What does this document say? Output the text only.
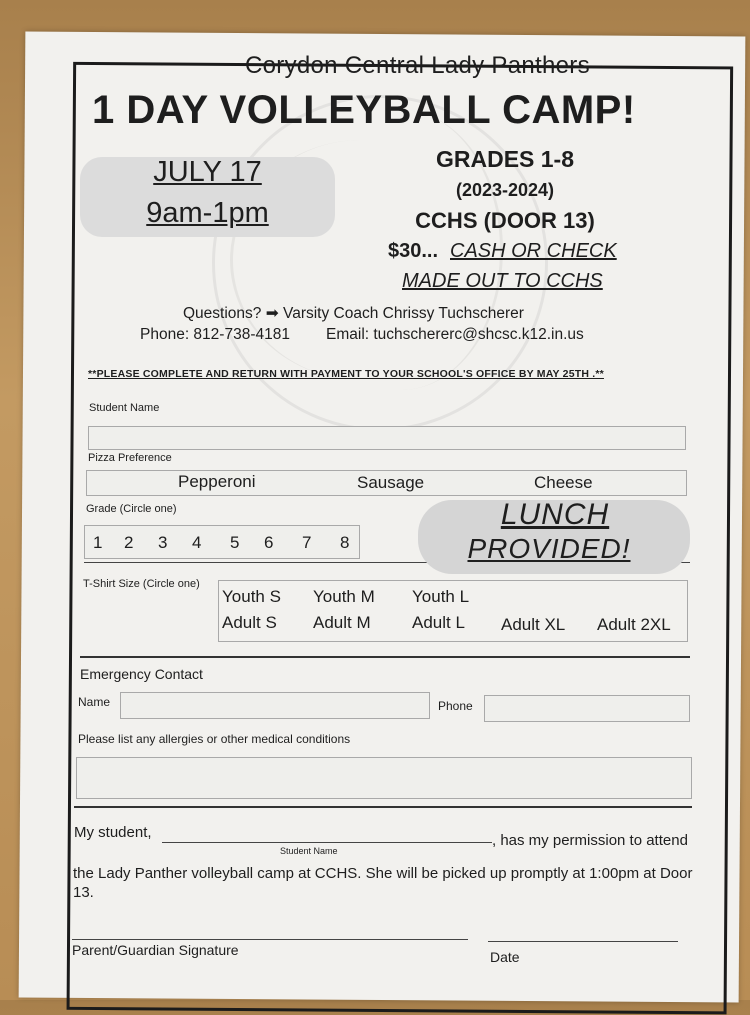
Corydon Central Lady Panthers
1 DAY VOLLEYBALL CAMP!
JULY 17
9am-1pm
GRADES 1-8
(2023-2024)
CCHS (DOOR 13)
$30... CASH OR CHECK
MADE OUT TO CCHS
Questions? ➡ Varsity Coach Chrissy Tuchscherer
Phone: 812-738-4181 Email: tuchschererc@shcsc.k12.in.us
**PLEASE COMPLETE AND RETURN WITH PAYMENT TO YOUR SCHOOL'S OFFICE BY MAY 25TH .**
Student Name
Pizza Preference
Pepperoni	Sausage	Cheese
Grade (Circle one)
1 2 3 4 5 6 7 8
LUNCH
PROVIDED!
T-Shirt Size (Circle one)
Youth S Youth M Youth L
Adult S Adult M Adult L Adult XL Adult 2XL
Emergency Contact
Name	Phone
Please list any allergies or other medical conditions
My student,	, has my permission to attend
Student Name
the Lady Panther volleyball camp at CCHS. She will be picked up promptly at 1:00pm at Door 13.
Parent/Guardian Signature	Date
